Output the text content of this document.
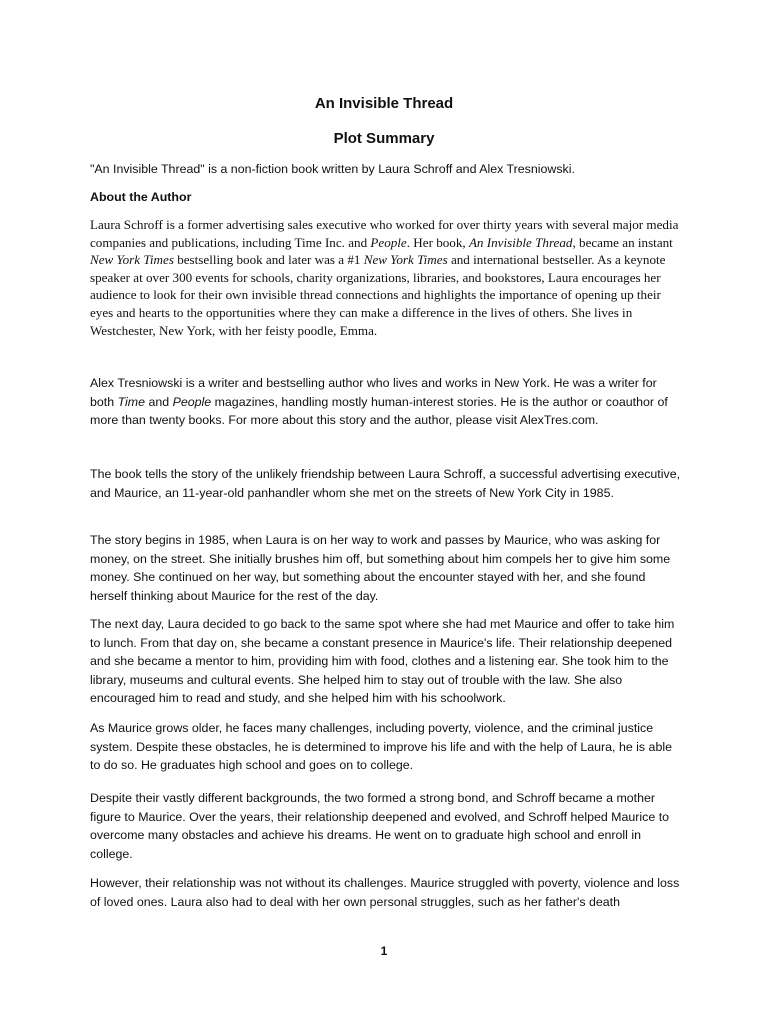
An Invisible Thread
Plot Summary

"An Invisible Thread" is a non-fiction book written by Laura Schroff and Alex Tresniowski.

About the Author

Laura Schroff is a former advertising sales executive who worked for over thirty years with several major media companies and publications, including Time Inc. and People. Her book, An Invisible Thread, became an instant New York Times bestselling book and later was a #1 New York Times and international bestseller. As a keynote speaker at over 300 events for schools, charity organizations, libraries, and bookstores, Laura encourages her audience to look for their own invisible thread connections and highlights the importance of opening up their eyes and hearts to the opportunities where they can make a difference in the lives of others. She lives in Westchester, New York, with her feisty poodle, Emma.

Alex Tresniowski is a writer and bestselling author who lives and works in New York. He was a writer for both Time and People magazines, handling mostly human-interest stories. He is the author or coauthor of more than twenty books. For more about this story and the author, please visit AlexTres.com.

The book tells the story of the unlikely friendship between Laura Schroff, a successful advertising executive, and Maurice, an 11-year-old panhandler whom she met on the streets of New York City in 1985.

The story begins in 1985, when Laura is on her way to work and passes by Maurice, who was asking for money, on the street. She initially brushes him off, but something about him compels her to give him some money. She continued on her way, but something about the encounter stayed with her, and she found herself thinking about Maurice for the rest of the day.

The next day, Laura decided to go back to the same spot where she had met Maurice and offer to take him to lunch. From that day on, she became a constant presence in Maurice's life. Their relationship deepened and she became a mentor to him, providing him with food, clothes and a listening ear. She took him to the library, museums and cultural events. She helped him to stay out of trouble with the law. She also encouraged him to read and study, and she helped him with his schoolwork.

As Maurice grows older, he faces many challenges, including poverty, violence, and the criminal justice system. Despite these obstacles, he is determined to improve his life and with the help of Laura, he is able to do so. He graduates high school and goes on to college.

Despite their vastly different backgrounds, the two formed a strong bond, and Schroff became a mother figure to Maurice. Over the years, their relationship deepened and evolved, and Schroff helped Maurice to overcome many obstacles and achieve his dreams. He went on to graduate high school and enroll in college.

However, their relationship was not without its challenges. Maurice struggled with poverty, violence and loss of loved ones. Laura also had to deal with her own personal struggles, such as her father's death

1
